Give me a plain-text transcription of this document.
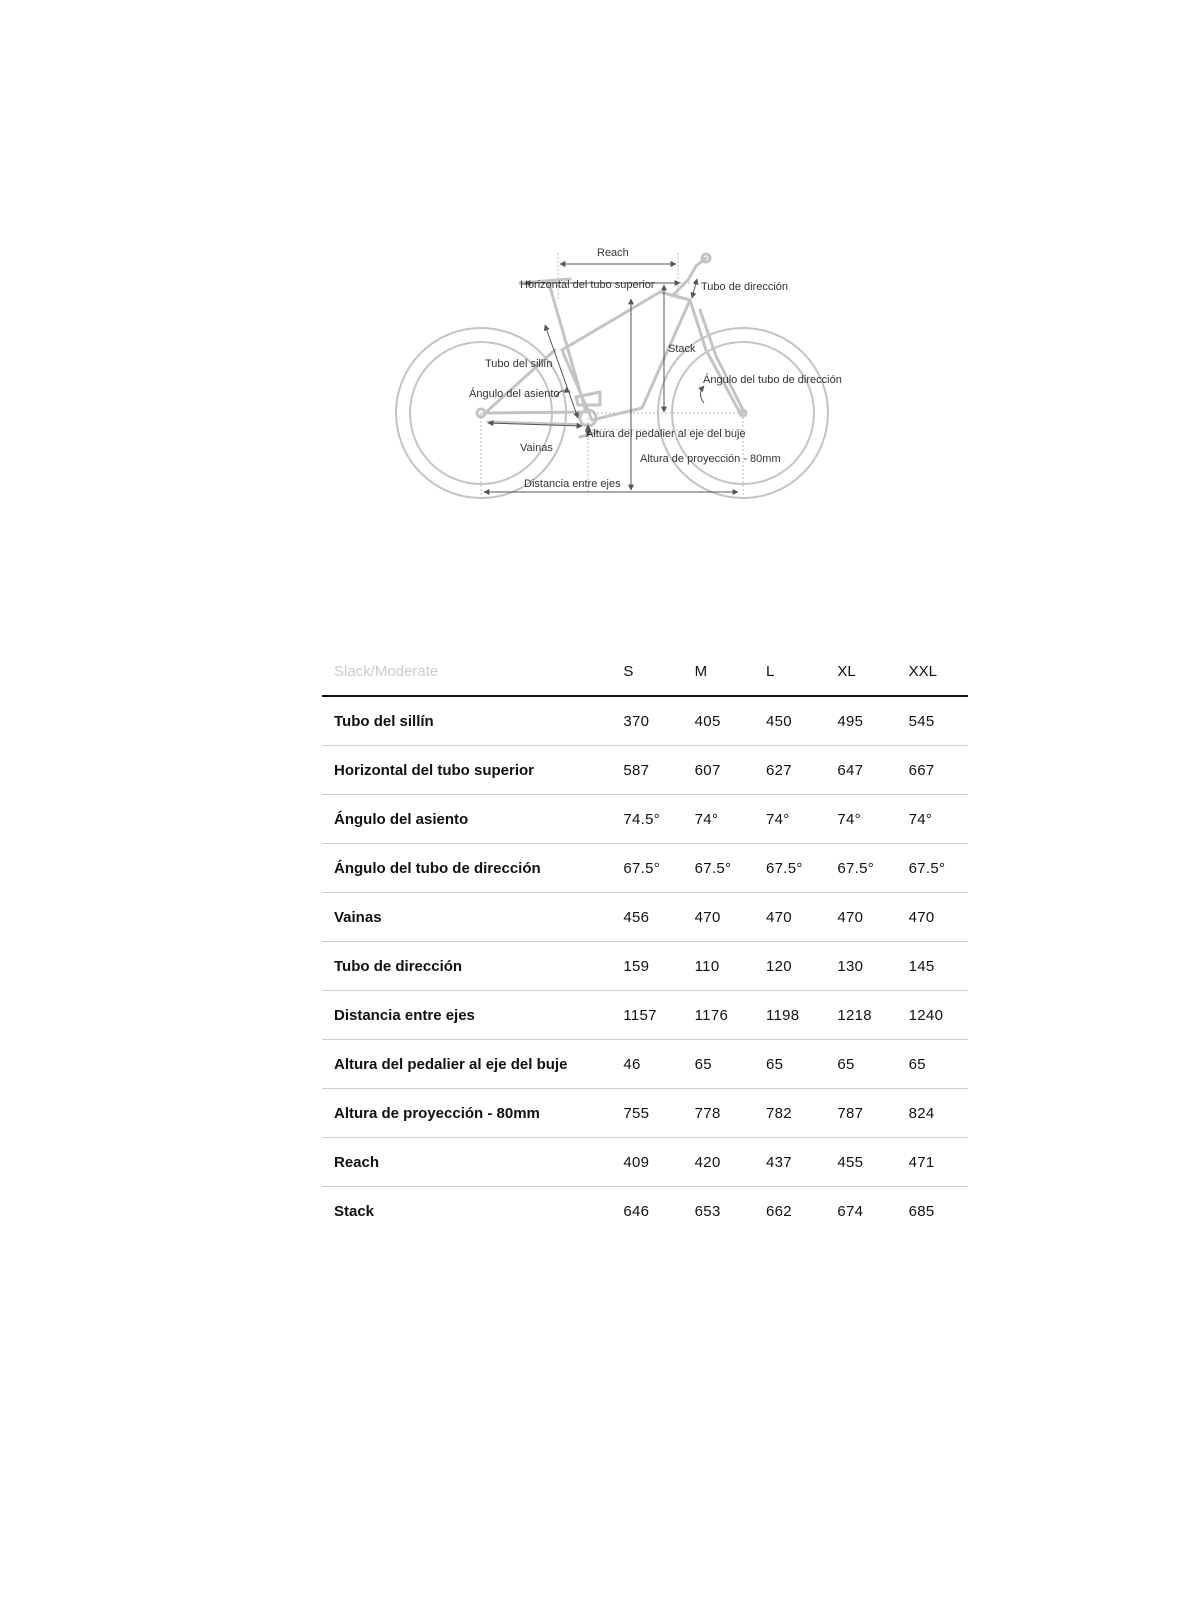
Reach
Horizontal del tubo superior	Tubo de dirección
Stack
Tubo del sillín
Ángulo del asiento
Ángulo del tubo de dirección
Altura del pedalier al eje del buje
Vainas
Altura de proyección - 80mm
Distancia entre ejes
Slack/Moderate	S	M	L	XL	XXL
Tubo del sillín	370	405	450	495	545
Horizontal del tubo superior	587	607	627	647	667
Ángulo del asiento	74.5°	74°	74°	74°	74°
Ángulo del tubo de dirección	67.5°	67.5°	67.5°	67.5°	67.5°
Vainas	456	470	470	470	470
Tubo de dirección	159	110	120	130	145
Distancia entre ejes	1157	1176	1198	1218	1240
Altura del pedalier al eje del buje	46	65	65	65	65
Altura de proyección - 80mm	755	778	782	787	824
Reach	409	420	437	455	471
Stack	646	653	662	674	685
